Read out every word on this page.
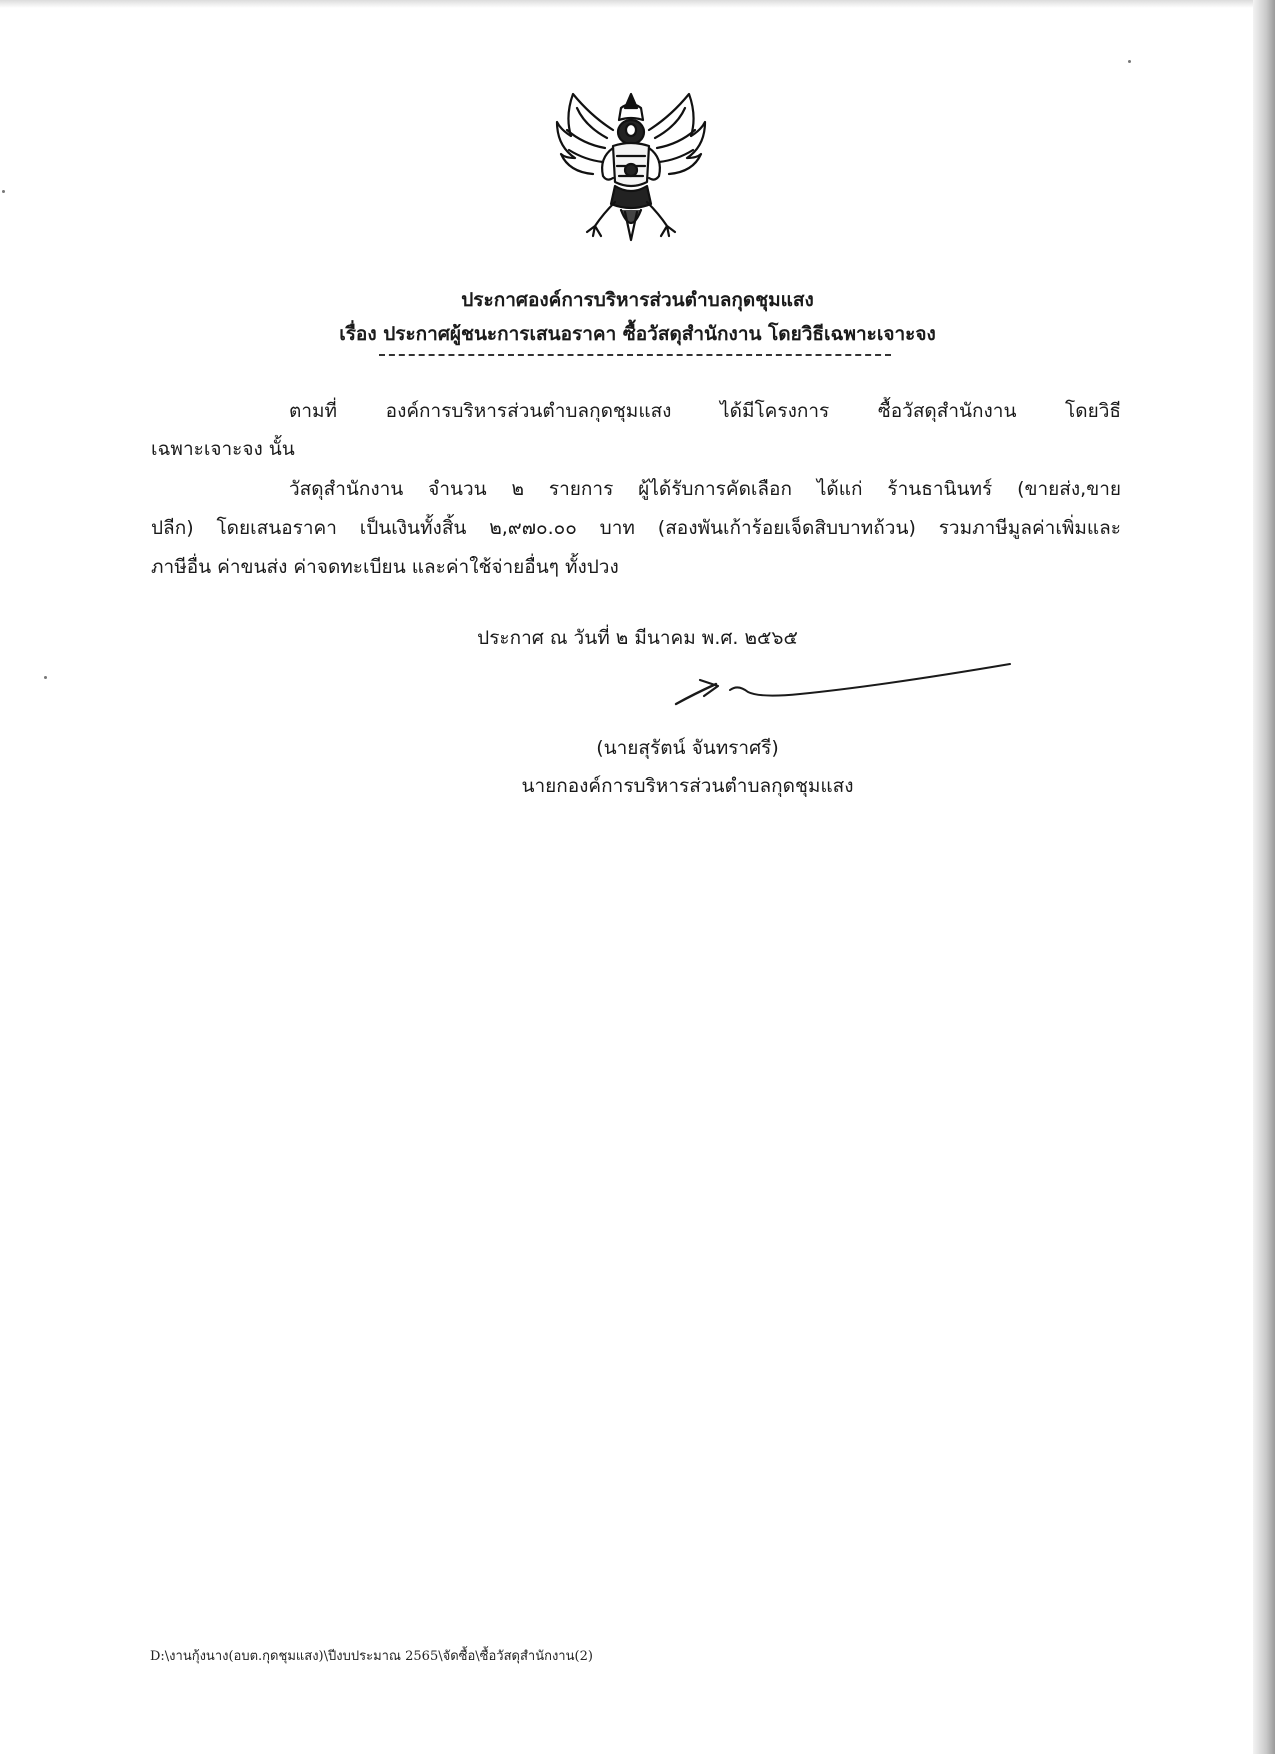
ประกาศองค์การบริหารส่วนตำบลกุดชุมแสง
เรื่อง ประกาศผู้ชนะการเสนอราคา ซื้อวัสดุสำนักงาน โดยวิธีเฉพาะเจาะจง
ตามที่ องค์การบริหารส่วนตำบลกุดชุมแสง ได้มีโครงการ ซื้อวัสดุสำนักงาน โดยวิธี
เฉพาะเจาะจง นั้น
วัสดุสำนักงาน จำนวน ๒ รายการ ผู้ได้รับการคัดเลือก ได้แก่ ร้านธานินทร์ (ขายส่ง,ขาย
ปลีก) โดยเสนอราคา เป็นเงินทั้งสิ้น ๒,๙๗๐.๐๐ บาท (สองพันเก้าร้อยเจ็ดสิบบาทถ้วน) รวมภาษีมูลค่าเพิ่มและ
ภาษีอื่น ค่าขนส่ง ค่าจดทะเบียน และค่าใช้จ่ายอื่นๆ ทั้งปวง
ประกาศ ณ วันที่ ๒ มีนาคม พ.ศ. ๒๕๖๕
(นายสุรัตน์ จันทราศรี)
นายกองค์การบริหารส่วนตำบลกุดชุมแสง
D:\งานกุ้งนาง(อบต.กุดชุมแสง)\ปีงบประมาณ 2565\จัดซื้อ\ซื้อวัสดุสำนักงาน(2)
